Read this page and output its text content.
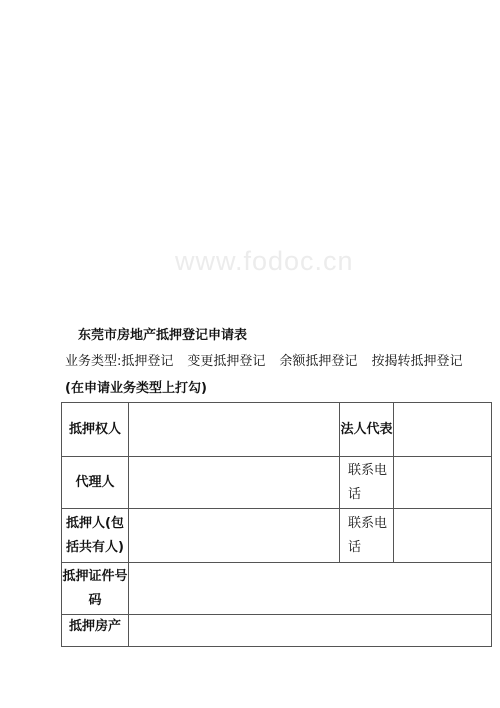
www.fodoc.cn
东莞市房地产抵押登记申请表
业务类型:抵押登记 变更抵押登记 余额抵押登记 按揭转抵押登记
(在申请业务类型上打勾)
抵押权人		法人代表	
代理人		联系电话	
抵押人(包括共有人)		联系电话	
抵押证件号码			
抵押房产			
